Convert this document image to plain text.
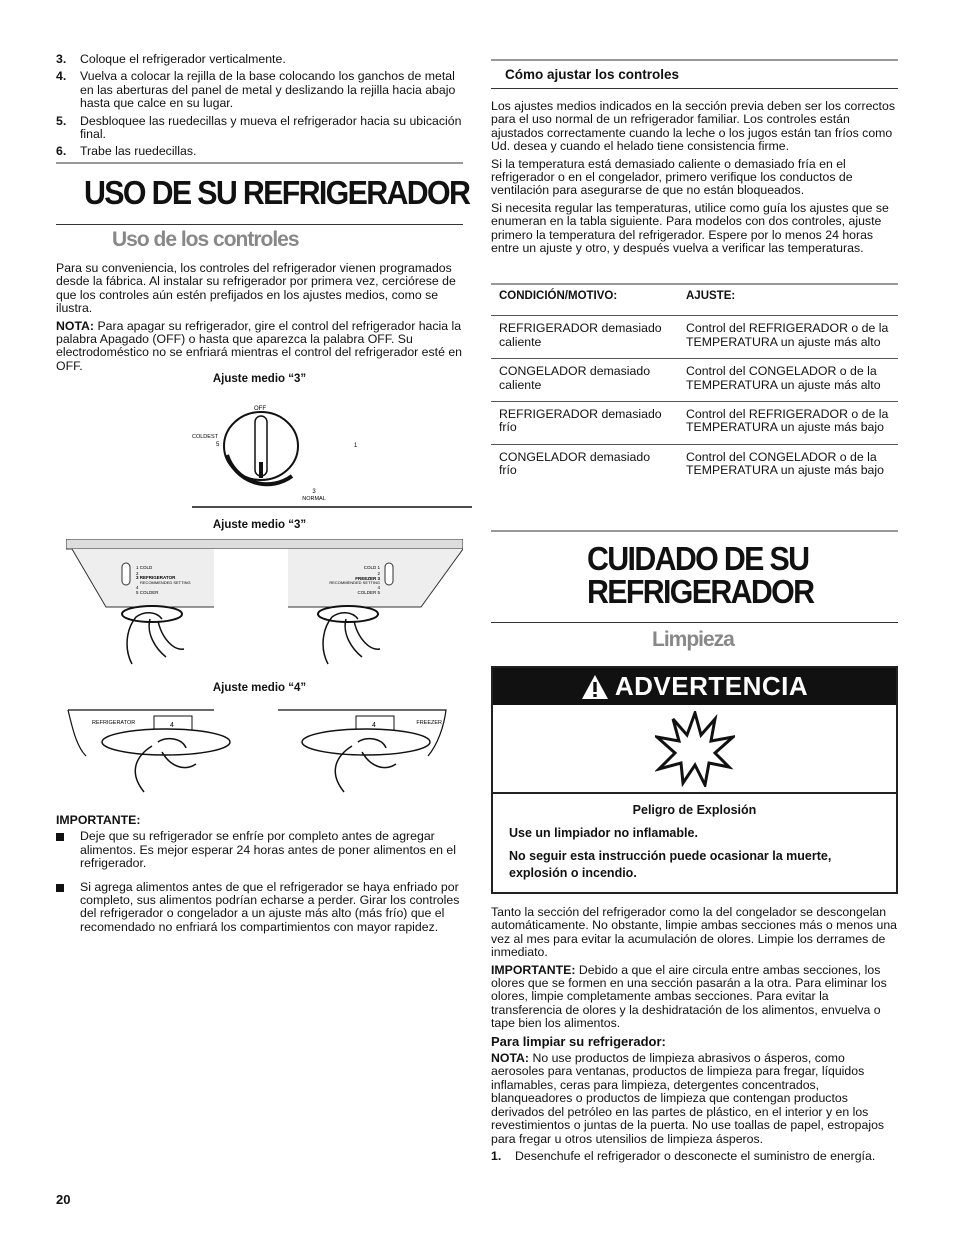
3. Coloque el refrigerador verticalmente.
4. Vuelva a colocar la rejilla de la base colocando los ganchos de metal en las aberturas del panel de metal y deslizando la rejilla hacia abajo hasta que calce en su lugar.
5. Desbloquee las ruedecillas y mueva el refrigerador hacia su ubicación final.
6. Trabe las ruedecillas.
USO DE SU REFRIGERADOR
Uso de los controles

Para su conveniencia, los controles del refrigerador vienen programados desde la fábrica. Al instalar su refrigerador por primera vez, cerciórese de que los controles aún estén prefijados en los ajustes medios, como se ilustra.

NOTA: Para apagar su refrigerador, gire el control del refrigerador hacia la palabra Apagado (OFF) o hasta que aparezca la palabra OFF. Su electrodoméstico no se enfriará mientras el control del refrigerador esté en OFF.

Ajuste medio “3”
OFF
COLDEST
5	1
3
NORMAL
Ajuste medio “3”
1 COLD
2
3 REFRIGERATOR
RECOMMENDED SETTING
4
5 COLDER
COLD 1
2
FREEZER 3
RECOMMENDED SETTING
4
COLDER 5
Ajuste medio “4”
REFRIGERATOR	4	FREEZER
4

IMPORTANTE:

Deje que su refrigerador se enfríe por completo antes de agregar alimentos. Es mejor esperar 24 horas antes de poner alimentos en el refrigerador.
Si agrega alimentos antes de que el refrigerador se haya enfriado por completo, sus alimentos podrían echarse a perder. Girar los controles del refrigerador o congelador a un ajuste más alto (más frío) que el recomendado no enfriará los compartimientos con mayor rapidez.
Cómo ajustar los controles

Los ajustes medios indicados en la sección previa deben ser los correctos para el uso normal de un refrigerador familiar. Los controles están ajustados correctamente cuando la leche o los jugos están tan fríos como Ud. desea y cuando el helado tiene consistencia firme.

Si la temperatura está demasiado caliente o demasiado fría en el refrigerador o en el congelador, primero verifique los conductos de ventilación para asegurarse de que no están bloqueados.

Si necesita regular las temperaturas, utilice como guía los ajustes que se enumeran en la tabla siguiente. Para modelos con dos controles, ajuste primero la temperatura del refrigerador. Espere por lo menos 24 horas entre un ajuste y otro, y después vuelva a verificar las temperaturas.

CONDICIÓN/MOTIVO:	AJUSTE:
REFRIGERADOR demasiado caliente	Control del REFRIGERADOR o de la TEMPERATURA un ajuste más alto
CONGELADOR demasiado caliente	Control del CONGELADOR o de la TEMPERATURA un ajuste más alto
REFRIGERADOR demasiado frío	Control del REFRIGERADOR o de la TEMPERATURA un ajuste más bajo
CONGELADOR demasiado frío	Control del CONGELADOR o de la TEMPERATURA un ajuste más bajo
CUIDADO DE SU
REFRIGERADOR
Limpieza
ADVERTENCIA
Peligro de Explosión
Use un limpiador no inflamable.
No seguir esta instrucción puede ocasionar la muerte, explosión o incendio.

Tanto la sección del refrigerador como la del congelador se descongelan automáticamente. No obstante, limpie ambas secciones más o menos una vez al mes para evitar la acumulación de olores. Limpie los derrames de inmediato.

IMPORTANTE: Debido a que el aire circula entre ambas secciones, los olores que se formen en una sección pasarán a la otra. Para eliminar los olores, limpie completamente ambas secciones. Para evitar la transferencia de olores y la deshidratación de los alimentos, envuelva o tape bien los alimentos.

Para limpiar su refrigerador:

NOTA: No use productos de limpieza abrasivos o ásperos, como aerosoles para ventanas, productos de limpieza para fregar, líquidos inflamables, ceras para limpieza, detergentes concentrados, blanqueadores o productos de limpieza que contengan productos derivados del petróleo en las partes de plástico, en el interior y en los revestimientos o juntas de la puerta. No use toallas de papel, estropajos para fregar u otros utensilios de limpieza ásperos.

1. Desenchufe el refrigerador o desconecte el suministro de energía.
20
